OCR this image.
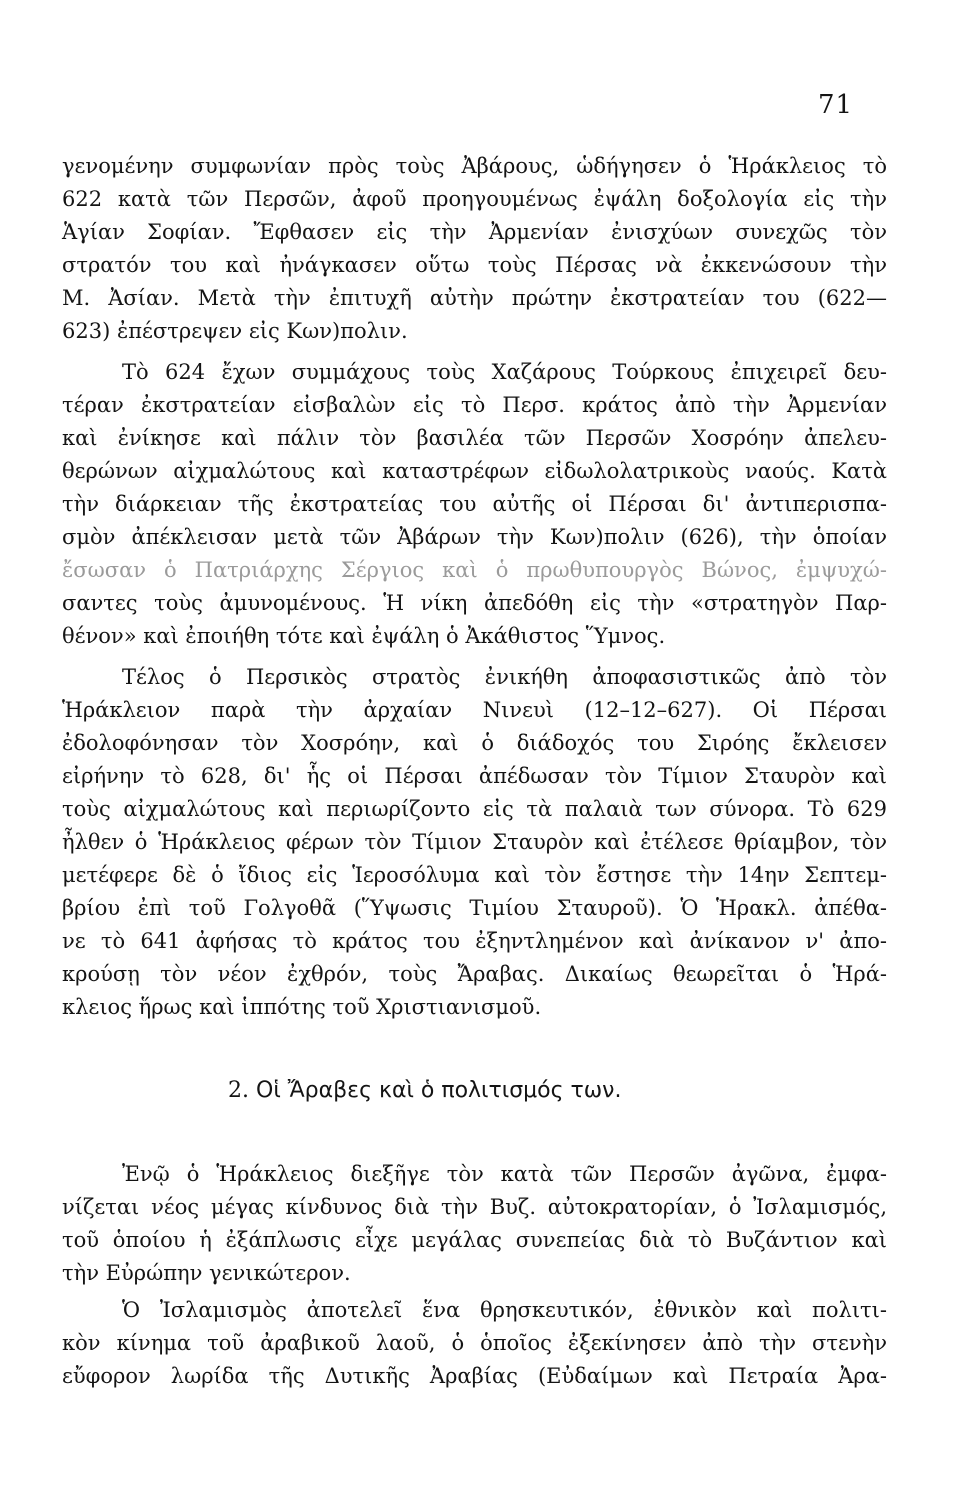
71
γενομένην συμφωνίαν πρὸς τοὺς Ἀβάρους, ὡδήγησεν ὁ Ἡράκλειος τὸ
622 κατὰ τῶν Περσῶν, ἀφοῦ προηγουμένως ἐψάλη δοξολογία εἰς τὴν
Ἁγίαν Σοφίαν. Ἔφθασεν εἰς τὴν Ἀρμενίαν ἐνισχύων συνεχῶς τὸν
στρατόν του καὶ ἠνάγκασεν οὕτω τοὺς Πέρσας νὰ ἐκκενώσουν τὴν
Μ. Ἀσίαν. Μετὰ τὴν ἐπιτυχῆ αὐτὴν πρώτην ἐκστρατείαν του (622—
623) ἐπέστρεψεν εἰς Κων)πολιν.
Τὸ 624 ἔχων συμμάχους τοὺς Χαζάρους Τούρκους ἐπιχειρεῖ δευ-
τέραν ἐκστρατείαν εἰσβαλὼν εἰς τὸ Περσ. κράτος ἀπὸ τὴν Ἀρμενίαν
καὶ ἐνίκησε καὶ πάλιν τὸν βασιλέα τῶν Περσῶν Χοσρόην ἀπελευ-
θερώνων αἰχμαλώτους καὶ καταστρέφων εἰδωλολατρικοὺς ναούς. Κατὰ
τὴν διάρκειαν τῆς ἐκστρατείας του αὐτῆς οἱ Πέρσαι δι' ἀντιπερισπα-
σμὸν ἀπέκλεισαν μετὰ τῶν Ἀβάρων τὴν Κων)πολιν (626), τὴν ὁποίαν
ἔσωσαν ὁ Πατριάρχης Σέργιος καὶ ὁ πρωθυπουργὸς Βώνος, ἐμψυχώ-
σαντες τοὺς ἀμυνομένους. Ἡ νίκη ἀπεδόθη εἰς τὴν «στρατηγὸν Παρ-
θένον» καὶ ἐποιήθη τότε καὶ ἐψάλη ὁ Ἀκάθιστος Ὕμνος.
Τέλος ὁ Περσικὸς στρατὸς ἐνικήθη ἀποφασιστικῶς ἀπὸ τὸν
Ἡράκλειον παρὰ τὴν ἀρχαίαν Νινευὶ (12–12–627). Οἱ Πέρσαι
ἐδολοφόνησαν τὸν Χοσρόην, καὶ ὁ διάδοχός του Σιρόης ἔκλεισεν
εἰρήνην τὸ 628, δι' ἧς οἱ Πέρσαι ἀπέδωσαν τὸν Τίμιον Σταυρὸν καὶ
τοὺς αἰχμαλώτους καὶ περιωρίζοντο εἰς τὰ παλαιὰ των σύνορα. Τὸ 629
ἦλθεν ὁ Ἡράκλειος φέρων τὸν Τίμιον Σταυρὸν καὶ ἐτέλεσε θρίαμβον, τὸν
μετέφερε δὲ ὁ ἴδιος εἰς Ἱεροσόλυμα καὶ τὸν ἔστησε τὴν 14ην Σεπτεμ-
βρίου ἐπὶ τοῦ Γολγοθᾶ (Ὕψωσις Τιμίου Σταυροῦ). Ὁ Ἡρακλ. ἀπέθα-
νε τὸ 641 ἀφήσας τὸ κράτος του ἐξηντλημένον καὶ ἀνίκανον ν' ἀπο-
κρούσῃ τὸν νέον ἐχθρόν, τοὺς Ἄραβας. Δικαίως θεωρεῖται ὁ Ἡρά-
κλειος ἥρως καὶ ἱππότης τοῦ Χριστιανισμοῦ.
2. Οἱ Ἄραβες καὶ ὁ πολιτισμός των.
Ἐνῷ ὁ Ἡράκλειος διεξῆγε τὸν κατὰ τῶν Περσῶν ἀγῶνα, ἐμφα-
νίζεται νέος μέγας κίνδυνος διὰ τὴν Βυζ. αὐτοκρατορίαν, ὁ Ἰσλαμισμός,
τοῦ ὁποίου ἡ ἐξάπλωσις εἶχε μεγάλας συνεπείας διὰ τὸ Βυζάντιον καὶ
τὴν Εὐρώπην γενικώτερον.
Ὁ Ἰσλαμισμὸς ἀποτελεῖ ἕνα θρησκευτικόν, ἐθνικὸν καὶ πολιτι-
κὸν κίνημα τοῦ ἀραβικοῦ λαοῦ, ὁ ὁποῖος ἐξεκίνησεν ἀπὸ τὴν στενὴν
εὔφορον λωρίδα τῆς Δυτικῆς Ἀραβίας (Εὐδαίμων καὶ Πετραία Ἀρα-
